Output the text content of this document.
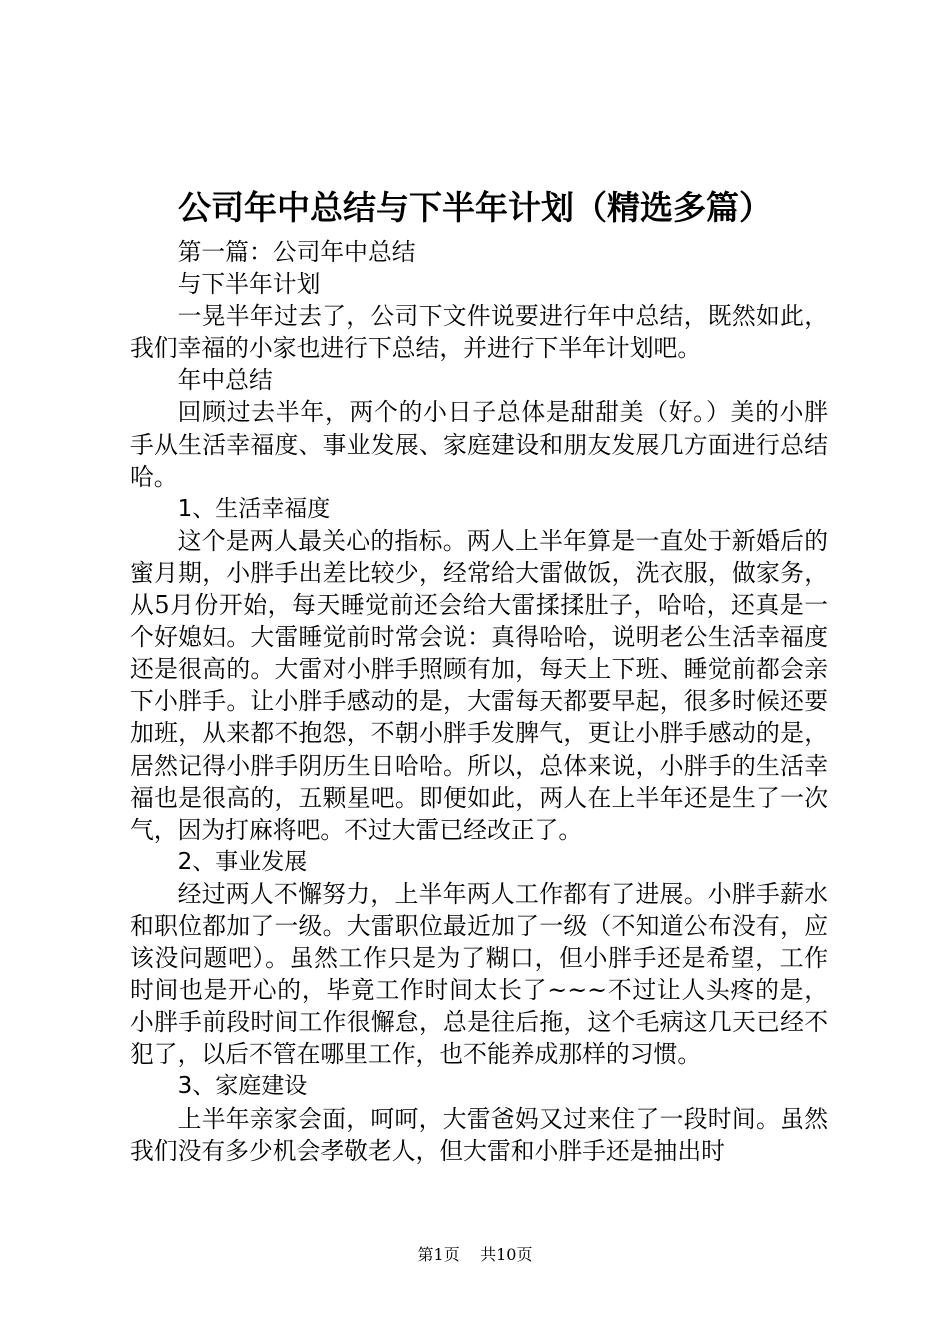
公司年中总结与下半年计划（精选多篇）

第一篇：公司年中总结

与下半年计划

一晃半年过去了，公司下文件说要进行年中总结，既然如此，我们幸福的小家也进行下总结，并进行下半年计划吧。

年中总结

回顾过去半年，两个的小日子总体是甜甜美（好。）美的小胖手从生活幸福度、事业发展、家庭建设和朋友发展几方面进行总结哈。

1、生活幸福度

这个是两人最关心的指标。两人上半年算是一直处于新婚后的蜜月期，小胖手出差比较少，经常给大雷做饭，洗衣服，做家务，从5月份开始，每天睡觉前还会给大雷揉揉肚子，哈哈，还真是一个好媳妇。大雷睡觉前时常会说：真得哈哈，说明老公生活幸福度还是很高的。大雷对小胖手照顾有加，每天上下班、睡觉前都会亲下小胖手。让小胖手感动的是，大雷每天都要早起，很多时候还要加班，从来都不抱怨，不朝小胖手发脾气，更让小胖手感动的是，居然记得小胖手阴历生日哈哈。所以，总体来说，小胖手的生活幸福也是很高的，五颗星吧。即便如此，两人在上半年还是生了一次气，因为打麻将吧。不过大雷已经改正了。

2、事业发展

经过两人不懈努力，上半年两人工作都有了进展。小胖手薪水和职位都加了一级。大雷职位最近加了一级（不知道公布没有，应该没问题吧）。虽然工作只是为了糊口，但小胖手还是希望，工作时间也是开心的，毕竟工作时间太长了~~~不过让人头疼的是，小胖手前段时间工作很懈怠，总是往后拖，这个毛病这几天已经不犯了，以后不管在哪里工作，也不能养成那样的习惯。

3、家庭建设

上半年亲家会面，呵呵，大雷爸妈又过来住了一段时间。虽然我们没有多少机会孝敬老人，但大雷和小胖手还是抽出时

第1页 共10页
